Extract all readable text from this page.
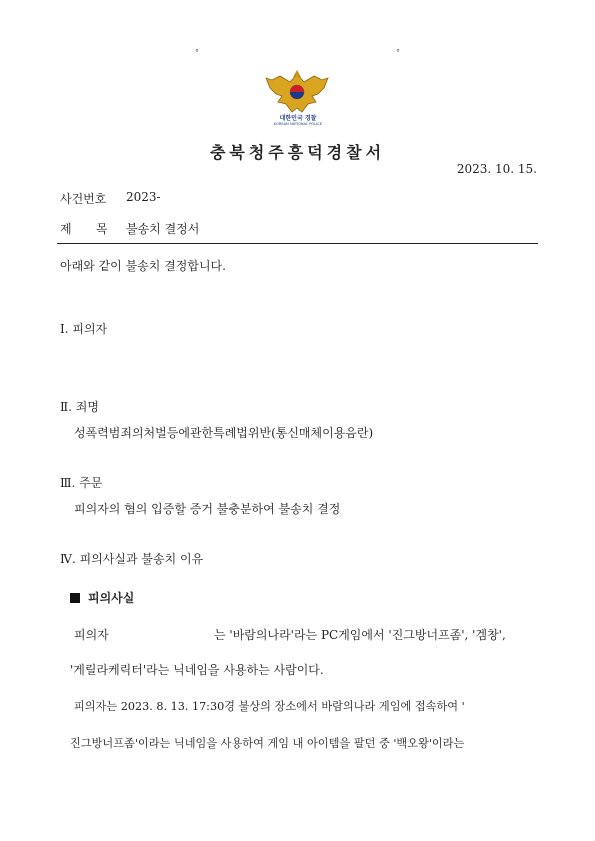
°	°
대한민국 경찰
KOREAN NATIONAL POLICE
충북청주흥덕경찰서
2023. 10. 15.
사건번호 2023-
제 목 불송치 결정서
아래와 같이 불송치 결정합니다.
Ⅰ. 피의자
Ⅱ. 죄명
성폭력범죄의처벌등에관한특례법위반(통신매체이용음란)
Ⅲ. 주문
피의자의 혐의 입증할 증거 불충분하여 불송치 결정
Ⅳ. 피의사실과 불송치 이유
피의사실
피의자	는 '바람의나라'라는 PC게임에서 '진그방너프좀', '겜창',
'게릴라케릭터'라는 닉네임을 사용하는 사람이다.
피의자는 2023. 8. 13. 17:30경 불상의 장소에서 바람의나라 게임에 접속하여 '
진그방너프좀'이라는 닉네임을 사용하여 게임 내 아이템을 팔던 중 '백오왕'이라는
